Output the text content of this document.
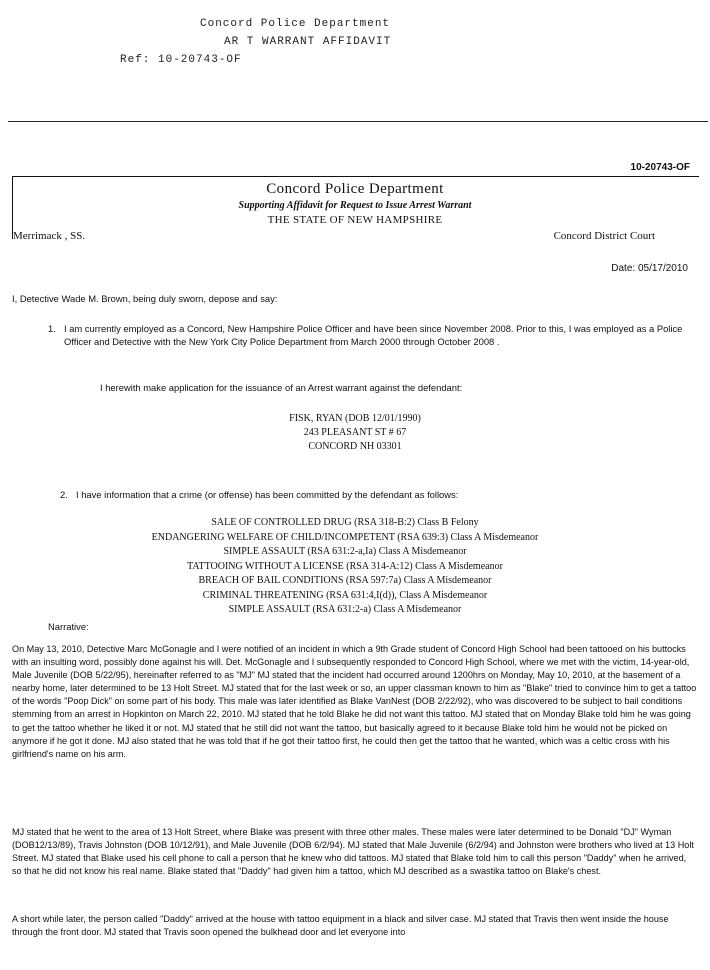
Concord Police Department
AR T WARRANT AFFIDAVIT
Ref: 10-20743-OF
10-20743-OF
Concord Police Department
Supporting Affidavit for Request to Issue Arrest Warrant
THE STATE OF NEW HAMPSHIRE
Merrimack , SS.	Concord District Court
Date: 05/17/2010
I, Detective Wade M. Brown, being duly sworn, depose and say:
1. I am currently employed as a Concord, New Hampshire Police Officer and have been since November 2008. Prior to this, I was employed as a Police Officer and Detective with the New York City Police Department from March 2000 through October 2008 .
I herewith make application for the issuance of an Arrest warrant against the defendant:
FISK, RYAN (DOB 12/01/1990)
243 PLEASANT ST # 67
CONCORD NH 03301
2. I have information that a crime (or offense) has been committed by the defendant as follows:
SALE OF CONTROLLED DRUG (RSA 318-B:2) Class B Felony
ENDANGERING WELFARE OF CHILD/INCOMPETENT (RSA 639:3) Class A Misdemeanor
SIMPLE ASSAULT (RSA 631:2-a,Ia) Class A Misdemeanor
TATTOOING WITHOUT A LICENSE (RSA 314-A:12) Class A Misdemeanor
BREACH OF BAIL CONDITIONS (RSA 597:7a) Class A Misdemeanor
CRIMINAL THREATENING (RSA 631:4,I(d)), Class A Misdemeanor
SIMPLE ASSAULT (RSA 631:2-a) Class A Misdemeanor
Narrative:
On May 13, 2010, Detective Marc McGonagle and I were notified of an incident in which a 9th Grade student of Concord High School had been tattooed on his buttocks with an insulting word, possibly done against his will. Det. McGonagle and I subsequently responded to Concord High School, where we met with the victim, 14-year-old, Male Juvenile (DOB 5/22/95), hereinafter referred to as "MJ" MJ stated that the incident had occurred around 1200hrs on Monday, May 10, 2010, at the basement of a nearby home, later determined to be 13 Holt Street. MJ stated that for the last week or so, an upper classman known to him as "Blake" tried to convince him to get a tattoo of the words "Poop Dick" on some part of his body. This male was later identified as Blake VanNest (DOB 2/22/92), who was discovered to be subject to bail conditions stemming from an arrest in Hopkinton on March 22, 2010. MJ stated that he told Blake he did not want this tattoo. MJ stated that on Monday Blake told him he was going to get the tattoo whether he liked it or not. MJ stated that he still did not want the tattoo, but basically agreed to it because Blake told him he would not be picked on anymore if he got it done. MJ also stated that he was told that if he got their tattoo first, he could then get the tattoo that he wanted, which was a celtic cross with his girlfriend's name on his arm.
MJ stated that he went to the area of 13 Holt Street, where Blake was present with three other males. These males were later determined to be Donald "DJ" Wyman (DOB12/13/89), Travis Johnston (DOB 10/12/91), and Male Juvenile (DOB 6/2/94). MJ stated that Male Juvenile (6/2/94) and Johnston were brothers who lived at 13 Holt Street. MJ stated that Blake used his cell phone to call a person that he knew who did tattoos. MJ stated that Blake told him to call this person "Daddy" when he arrived, so that he did not know his real name. Blake stated that "Daddy" had given him a tattoo, which MJ described as a swastika tattoo on Blake's chest.
A short while later, the person called "Daddy" arrived at the house with tattoo equipment in a black and silver case. MJ stated that Travis then went inside the house through the front door. MJ stated that Travis soon opened the bulkhead door and let everyone into
